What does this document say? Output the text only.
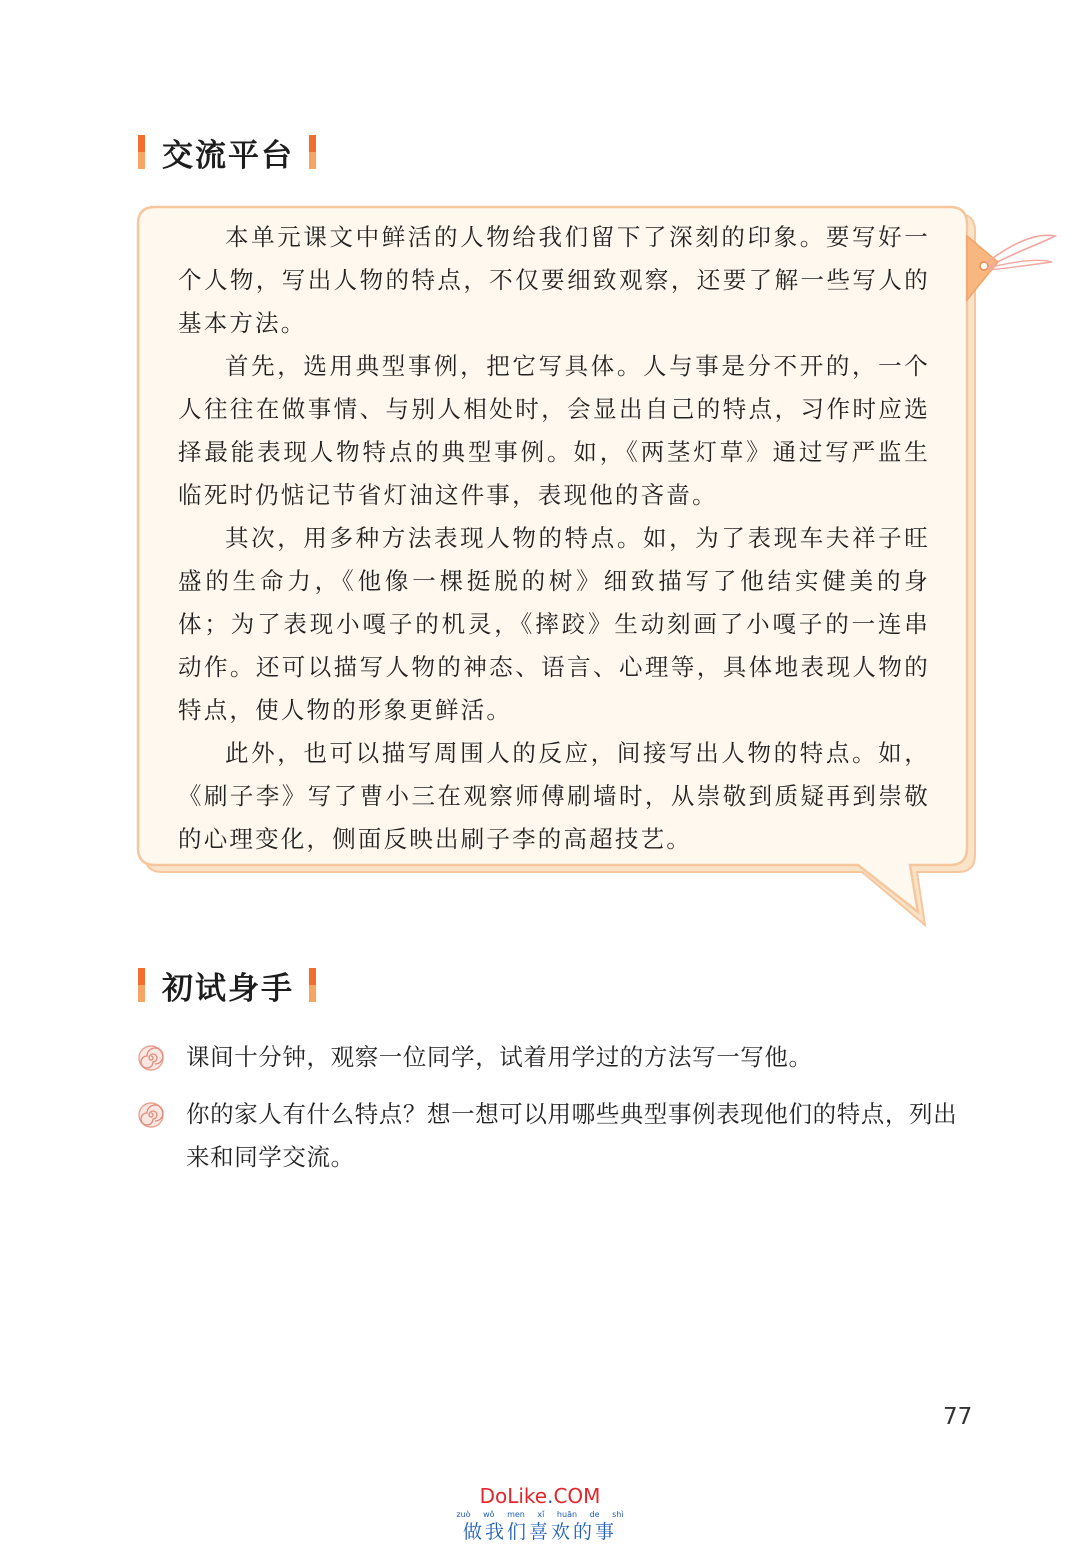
交流平台

本单元课文中鲜活的人物给我们留下了深刻的印象。要写好一个人物，写出人物的特点，不仅要细致观察，还要了解一些写人的基本方法。

首先，选用典型事例，把它写具体。人与事是分不开的，一个人往往在做事情、与别人相处时，会显出自己的特点，习作时应选择最能表现人物特点的典型事例。如，《两茎灯草》通过写严监生临死时仍惦记节省灯油这件事，表现他的吝啬。

其次，用多种方法表现人物的特点。如，为了表现车夫祥子旺盛的生命力，《他像一棵挺脱的树》细致描写了他结实健美的身体；为了表现小嘎子的机灵，《摔跤》生动刻画了小嘎子的一连串动作。还可以描写人物的神态、语言、心理等，具体地表现人物的特点，使人物的形象更鲜活。

此外，也可以描写周围人的反应，间接写出人物的特点。如，《刷子李》写了曹小三在观察师傅刷墙时，从崇敬到质疑再到崇敬的心理变化，侧面反映出刷子李的高超技艺。

初试身手
课间十分钟，观察一位同学，试着用学过的方法写一写他。
你的家人有什么特点？想一想可以用哪些典型事例表现他们的特点，列出来和同学交流。
77
DoLike.COM
zuò wǒ men xǐ huān de shì
做我们喜欢的事
